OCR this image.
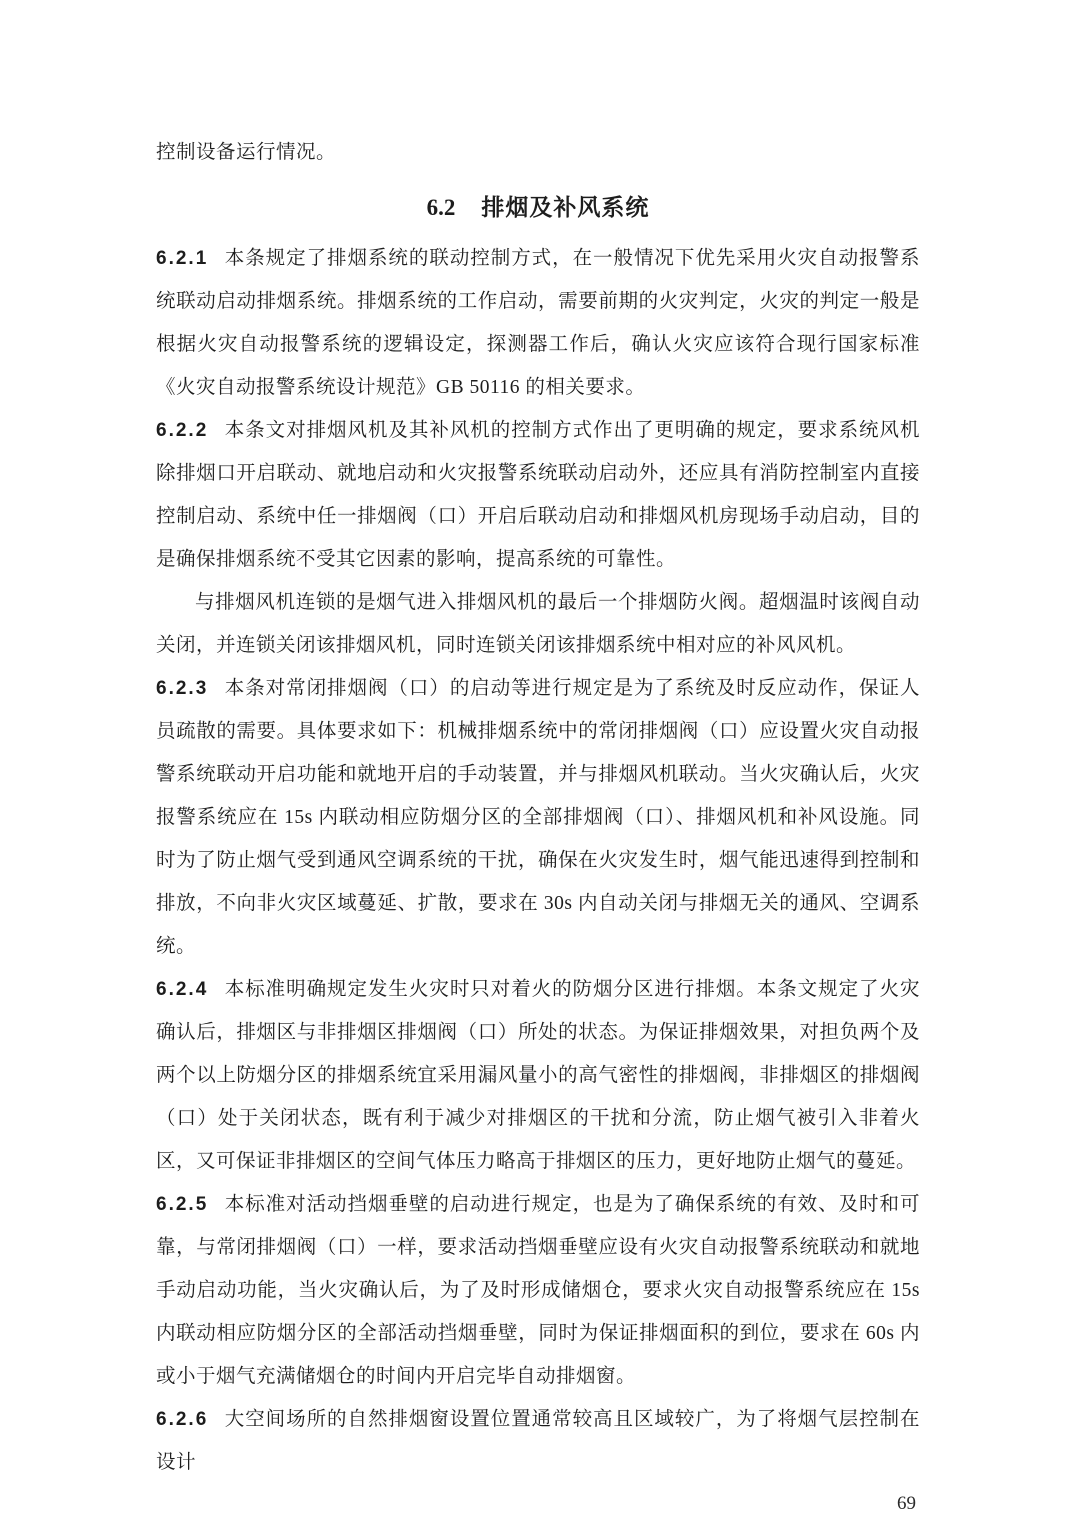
控制设备运行情况。

6.2 排烟及补风系统

6.2.1 本条规定了排烟系统的联动控制方式，在一般情况下优先采用火灾自动报警系统联动启动排烟系统。排烟系统的工作启动，需要前期的火灾判定，火灾的判定一般是根据火灾自动报警系统的逻辑设定，探测器工作后，确认火灾应该符合现行国家标准《火灾自动报警系统设计规范》GB 50116 的相关要求。

6.2.2 本条文对排烟风机及其补风机的控制方式作出了更明确的规定，要求系统风机除排烟口开启联动、就地启动和火灾报警系统联动启动外，还应具有消防控制室内直接控制启动、系统中任一排烟阀（口）开启后联动启动和排烟风机房现场手动启动，目的是确保排烟系统不受其它因素的影响，提高系统的可靠性。

与排烟风机连锁的是烟气进入排烟风机的最后一个排烟防火阀。超烟温时该阀自动关闭，并连锁关闭该排烟风机，同时连锁关闭该排烟系统中相对应的补风风机。

6.2.3 本条对常闭排烟阀（口）的启动等进行规定是为了系统及时反应动作，保证人员疏散的需要。具体要求如下：机械排烟系统中的常闭排烟阀（口）应设置火灾自动报警系统联动开启功能和就地开启的手动装置，并与排烟风机联动。当火灾确认后，火灾报警系统应在 15s 内联动相应防烟分区的全部排烟阀（口）、排烟风机和补风设施。同时为了防止烟气受到通风空调系统的干扰，确保在火灾发生时，烟气能迅速得到控制和排放，不向非火灾区域蔓延、扩散，要求在 30s 内自动关闭与排烟无关的通风、空调系统。

6.2.4 本标准明确规定发生火灾时只对着火的防烟分区进行排烟。本条文规定了火灾确认后，排烟区与非排烟区排烟阀（口）所处的状态。为保证排烟效果，对担负两个及两个以上防烟分区的排烟系统宜采用漏风量小的高气密性的排烟阀，非排烟区的排烟阀（口）处于关闭状态，既有利于减少对排烟区的干扰和分流，防止烟气被引入非着火区，又可保证非排烟区的空间气体压力略高于排烟区的压力，更好地防止烟气的蔓延。

6.2.5 本标准对活动挡烟垂壁的启动进行规定，也是为了确保系统的有效、及时和可靠，与常闭排烟阀（口）一样，要求活动挡烟垂壁应设有火灾自动报警系统联动和就地手动启动功能，当火灾确认后，为了及时形成储烟仓，要求火灾自动报警系统应在 15s 内联动相应防烟分区的全部活动挡烟垂壁，同时为保证排烟面积的到位，要求在 60s 内或小于烟气充满储烟仓的时间内开启完毕自动排烟窗。

6.2.6 大空间场所的自然排烟窗设置位置通常较高且区域较广，为了将烟气层控制在设计

69
